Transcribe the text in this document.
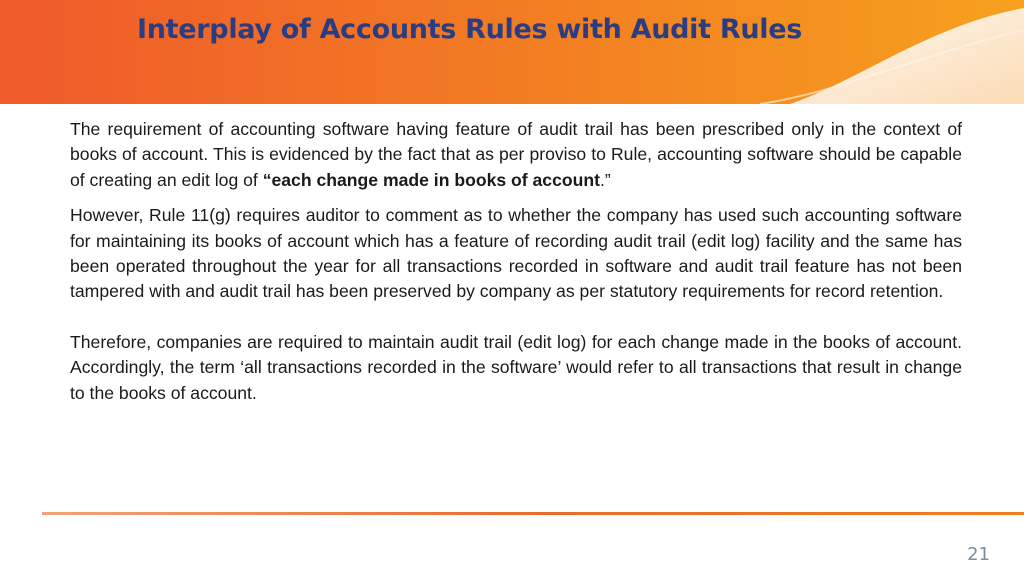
Interplay of Accounts Rules with Audit Rules

The requirement of accounting software having feature of audit trail has been prescribed only in the context of books of account. This is evidenced by the fact that as per proviso to Rule, accounting software should be capable of creating an edit log of “each change made in books of account.”

However, Rule 11(g) requires auditor to comment as to whether the company has used such accounting software for maintaining its books of account which has a feature of recording audit trail (edit log) facility and the same has been operated throughout the year for all transactions recorded in software and audit trail feature has not been tampered with and audit trail has been preserved by company as per statutory requirements for record retention.

Therefore, companies are required to maintain audit trail (edit log) for each change made in the books of account. Accordingly, the term ‘all transactions recorded in the software’ would refer to all transactions that result in change to the books of account.

21
